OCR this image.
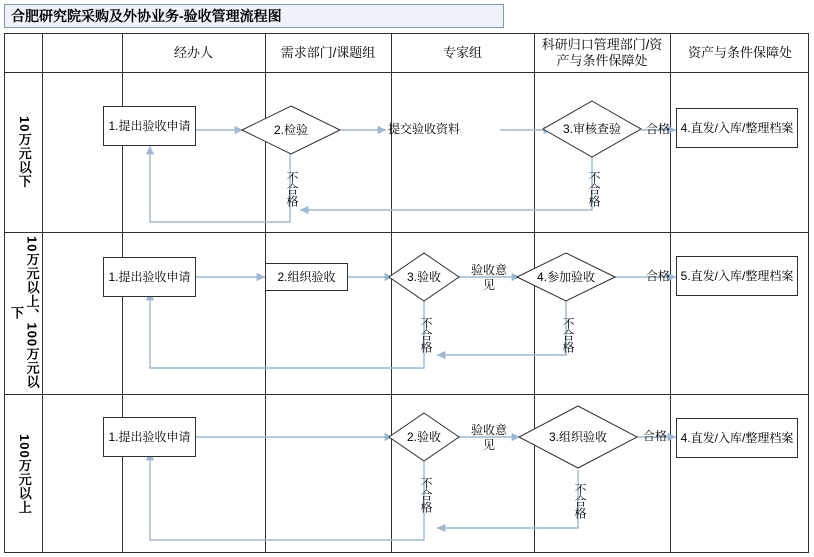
合肥研究院采购及外协业务-验收管理流程图
经办人	需求部门/课题组	专家组
科研归口管理部门/资产与条件保障处
资产与条件保障处
10万元以下
10万元以上、100万元以下
100万元以上
1.提出验收申请	2.检验	提交验收资料	3.审核查验 合格 4.直发/入库/整理档案
不合格	不合格
1.提出验收申请	2.组织验收	3.验收 验收意见
4.参加验收	合格 5.直发/入库/整理档案
不合格	不合格
1.提出验收申请	2.验收 验收意见
3.组织验收	合格 4.直发/入库/整理档案
不合格	不合格
